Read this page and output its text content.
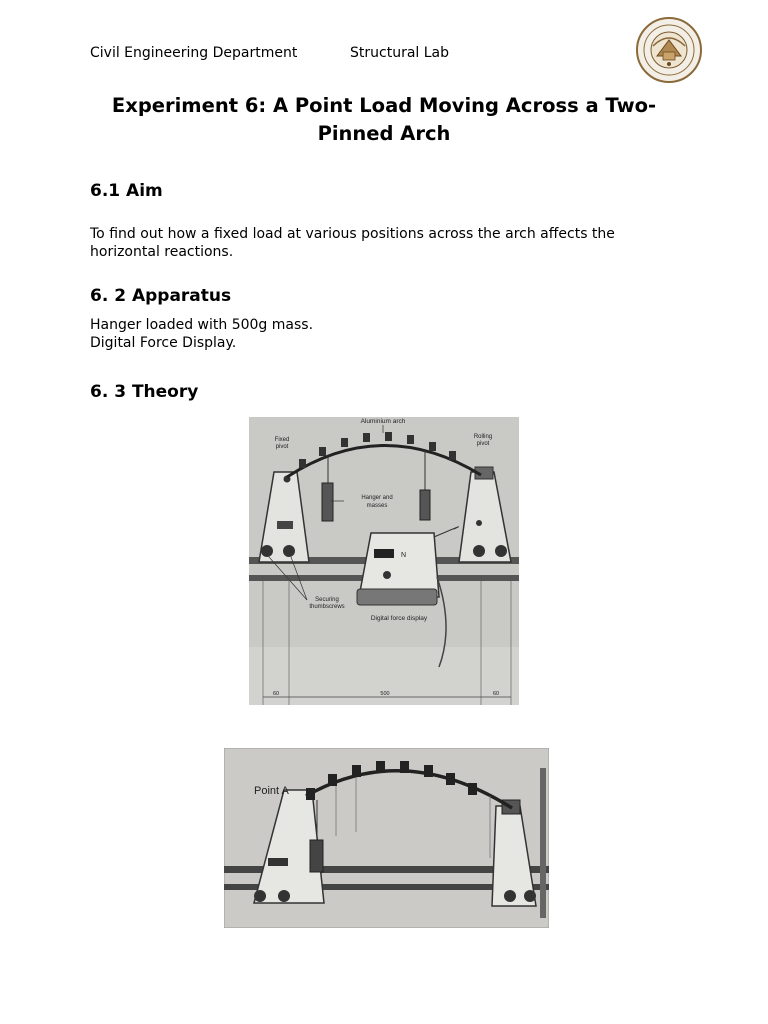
Civil Engineering Department	Structural Lab
Experiment 6: A Point Load Moving Across a Two-
Pinned Arch
6.1 Aim
To find out how a fixed load at various positions across the arch affects the
horizontal reactions.
6. 2 Apparatus
Hanger loaded with 500g mass.
Digital Force Display.
6. 3 Theory
Aluminium arch
Fixed
pivot
Rolling
pivot
Hanger and
masses
N
Securing
thumbscrews
Digital force display
60	500	60
Point A
